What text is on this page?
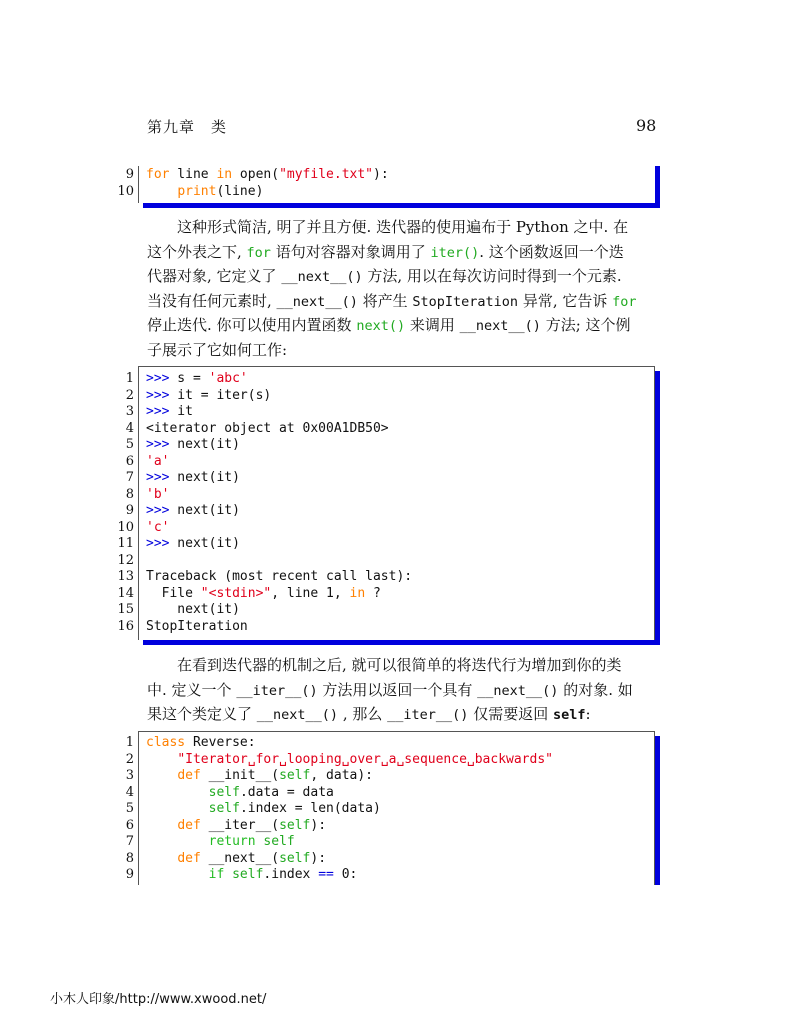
第九章　类	98
9 for line in open("myfile.txt"):
10	print(line)
这种形式简洁, 明了并且方便. 迭代器的使用遍布于 Python 之中. 在
这个外表之下, for 语句对容器对象调用了 iter(). 这个函数返回一个迭
代器对象, 它定义了 __next__() 方法, 用以在每次访问时得到一个元素.
当没有任何元素时, __next__() 将产生 StopIteration 异常, 它告诉 for
停止迭代. 你可以使用内置函数 next() 来调用 __next__() 方法; 这个例
子展示了它如何工作:
1 >>> s = 'abc'
2 >>> it = iter(s)
3 >>> it
4 <iterator object at 0x00A1DB50>
5 >>> next(it)
6 'a'
7 >>> next(it)
8 'b'
9 >>> next(it)
10 'c'
11 >>> next(it)
12
13 Traceback (most recent call last):
14 File "<stdin>", line 1, in ?
15 next(it)
16 StopIteration
在看到迭代器的机制之后, 就可以很简单的将迭代行为增加到你的类
中. 定义一个 __iter__() 方法用以返回一个具有 __next__() 的对象. 如
果这个类定义了 __next__() , 那么 __iter__() 仅需要返回 self:
1 class Reverse:
2	"Iterator␣for␣looping␣over␣a␣sequence␣backwards"
3	def __init__(self, data):
4	self.data = data
5	self.index = len(data)
6	def __iter__(self):
7	return self
8	def __next__(self):
9	if self.index == 0:
小木人印象/http://www.xwood.net/
